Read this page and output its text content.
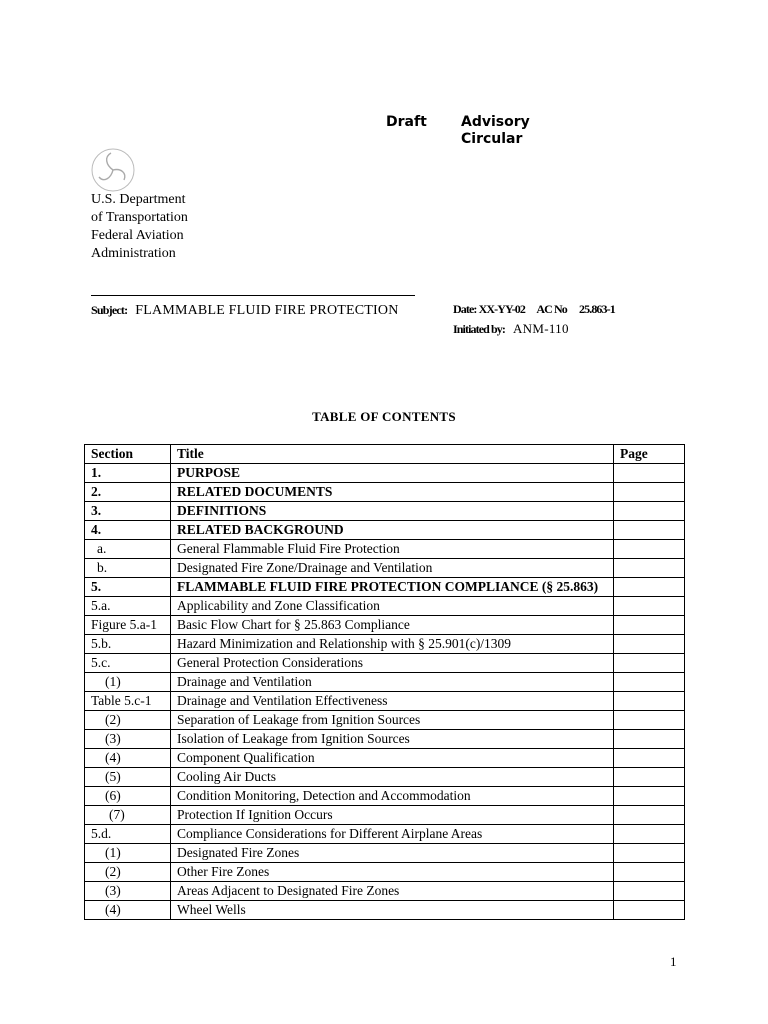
Draft Advisory Circular
U.S. Department
of Transportation
Federal Aviation
Administration
Subject: FLAMMABLE FLUID FIRE PROTECTION	Date: XX-YY-02 AC No 25.863-1
Initiated by: ANM-110
TABLE OF CONTENTS
Section	Title	Page
1.	PURPOSE	
2.	RELATED DOCUMENTS	
3.	DEFINITIONS	
4.	RELATED BACKGROUND	
a.	General Flammable Fluid Fire Protection	
b.	Designated Fire Zone/Drainage and Ventilation	
5.	FLAMMABLE FLUID FIRE PROTECTION COMPLIANCE (§ 25.863)	
5.a.	Applicability and Zone Classification	
Figure 5.a-1	Basic Flow Chart for § 25.863 Compliance	
5.b.	Hazard Minimization and Relationship with § 25.901(c)/1309	
5.c.	General Protection Considerations	
(1)	Drainage and Ventilation	
Table 5.c-1	Drainage and Ventilation Effectiveness	
(2)	Separation of Leakage from Ignition Sources	
(3)	Isolation of Leakage from Ignition Sources	
(4)	Component Qualification	
(5)	Cooling Air Ducts	
(6)	Condition Monitoring, Detection and Accommodation	
(7)	Protection If Ignition Occurs	
5.d.	Compliance Considerations for Different Airplane Areas	
(1)	Designated Fire Zones	
(2)	Other Fire Zones	
(3)	Areas Adjacent to Designated Fire Zones	
(4)	Wheel Wells	
1
